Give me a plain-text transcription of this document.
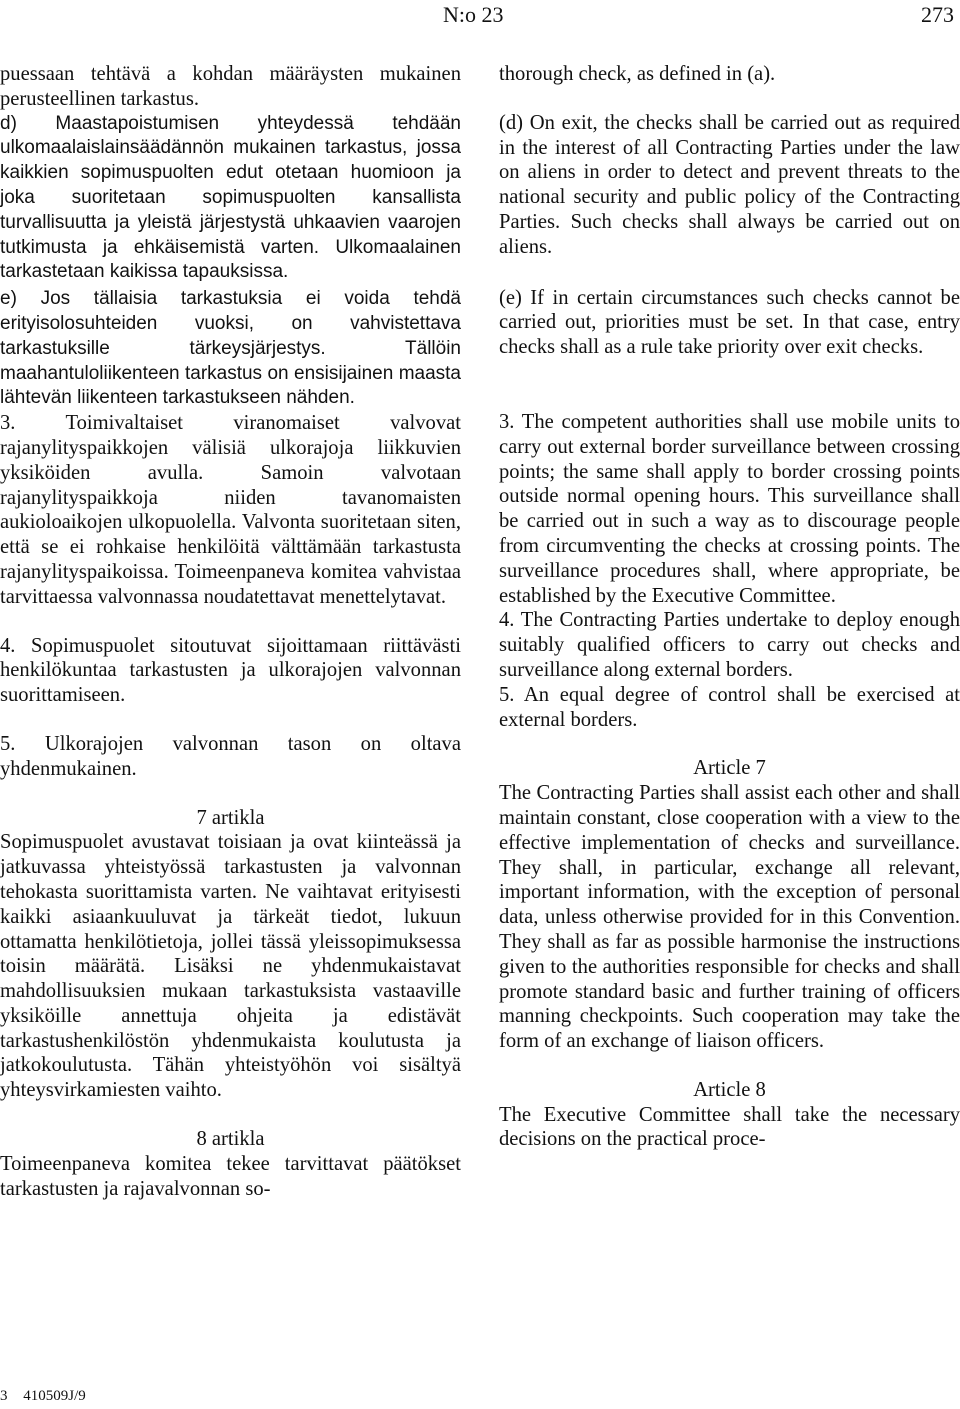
N:o 23	273

puessaan tehtävä a kohdan määräysten mukainen perusteellinen tarkastus.

d) Maastapoistumisen yhteydessä tehdään ulkomaalaislainsäädännön mukainen tarkastus, jossa kaikkien sopimuspuolten edut otetaan huomioon ja joka suoritetaan sopimuspuolten kansallista turvallisuutta ja yleistä järjestystä uhkaavien vaarojen tutkimusta ja ehkäisemistä varten. Ulkomaalainen tarkastetaan kaikissa tapauksissa.

e) Jos tällaisia tarkastuksia ei voida tehdä erityisolosuhteiden vuoksi, on vahvistettava tarkastuksille tärkeysjärjestys. Tällöin maahantuloliikenteen tarkastus on ensisijainen maasta lähtevän liikenteen tarkastukseen nähden.

3. Toimivaltaiset viranomaiset valvovat rajanylityspaikkojen välisiä ulkorajoja liikkuvien yksiköiden avulla. Samoin valvotaan rajanylityspaikkoja niiden tavanomaisten aukioloaikojen ulkopuolella. Valvonta suoritetaan siten, että se ei rohkaise henkilöitä välttämään tarkastusta rajanylityspaikoissa. Toimeenpaneva komitea vahvistaa tarvittaessa valvonnassa noudatettavat menettelytavat.

4. Sopimuspuolet sitoutuvat sijoittamaan riittävästi henkilökuntaa tarkastusten ja ulkorajojen valvonnan suorittamiseen.

5. Ulkorajojen valvonnan tason on oltava yhdenmukainen.

7 artikla

Sopimuspuolet avustavat toisiaan ja ovat kiinteässä ja jatkuvassa yhteistyössä tarkastusten ja valvonnan tehokasta suorittamista varten. Ne vaihtavat erityisesti kaikki asiaankuuluvat ja tärkeät tiedot, lukuun ottamatta henkilötietoja, jollei tässä yleissopimuksessa toisin määrätä. Lisäksi ne yhdenmukaistavat mahdollisuuksien mukaan tarkastuksista vastaaville yksiköille annettuja ohjeita ja edistävät tarkastushenkilöstön yhdenmukaista koulutusta ja jatkokoulutusta. Tähän yhteistyöhön voi sisältyä yhteysvirkamiesten vaihto.

8 artikla

Toimeenpaneva komitea tekee tarvittavat päätökset tarkastusten ja rajavalvonnan so-

thorough check, as defined in (a).

(d) On exit, the checks shall be carried out as required in the interest of all Contracting Parties under the law on aliens in order to detect and prevent threats to the national security and public policy of the Contracting Parties. Such checks shall always be carried out on aliens.

(e) If in certain circumstances such checks cannot be carried out, priorities must be set. In that case, entry checks shall as a rule take priority over exit checks.

3. The competent authorities shall use mobile units to carry out external border surveillance between crossing points; the same shall apply to border crossing points outside normal opening hours. This surveillance shall be carried out in such a way as to discourage people from circumventing the checks at crossing points. The surveillance procedures shall, where appropriate, be established by the Executive Committee.

4. The Contracting Parties undertake to deploy enough suitably qualified officers to carry out checks and surveillance along external borders.

5. An equal degree of control shall be exercised at external borders.

Article 7

The Contracting Parties shall assist each other and shall maintain constant, close cooperation with a view to the effective implementation of checks and surveillance. They shall, in particular, exchange all relevant, important information, with the exception of personal data, unless otherwise provided for in this Convention. They shall as far as possible harmonise the instructions given to the authorities responsible for checks and shall promote standard basic and further training of officers manning checkpoints. Such cooperation may take the form of an exchange of liaison officers.

Article 8

The Executive Committee shall take the necessary decisions on the practical proce-

3 410509J/9
